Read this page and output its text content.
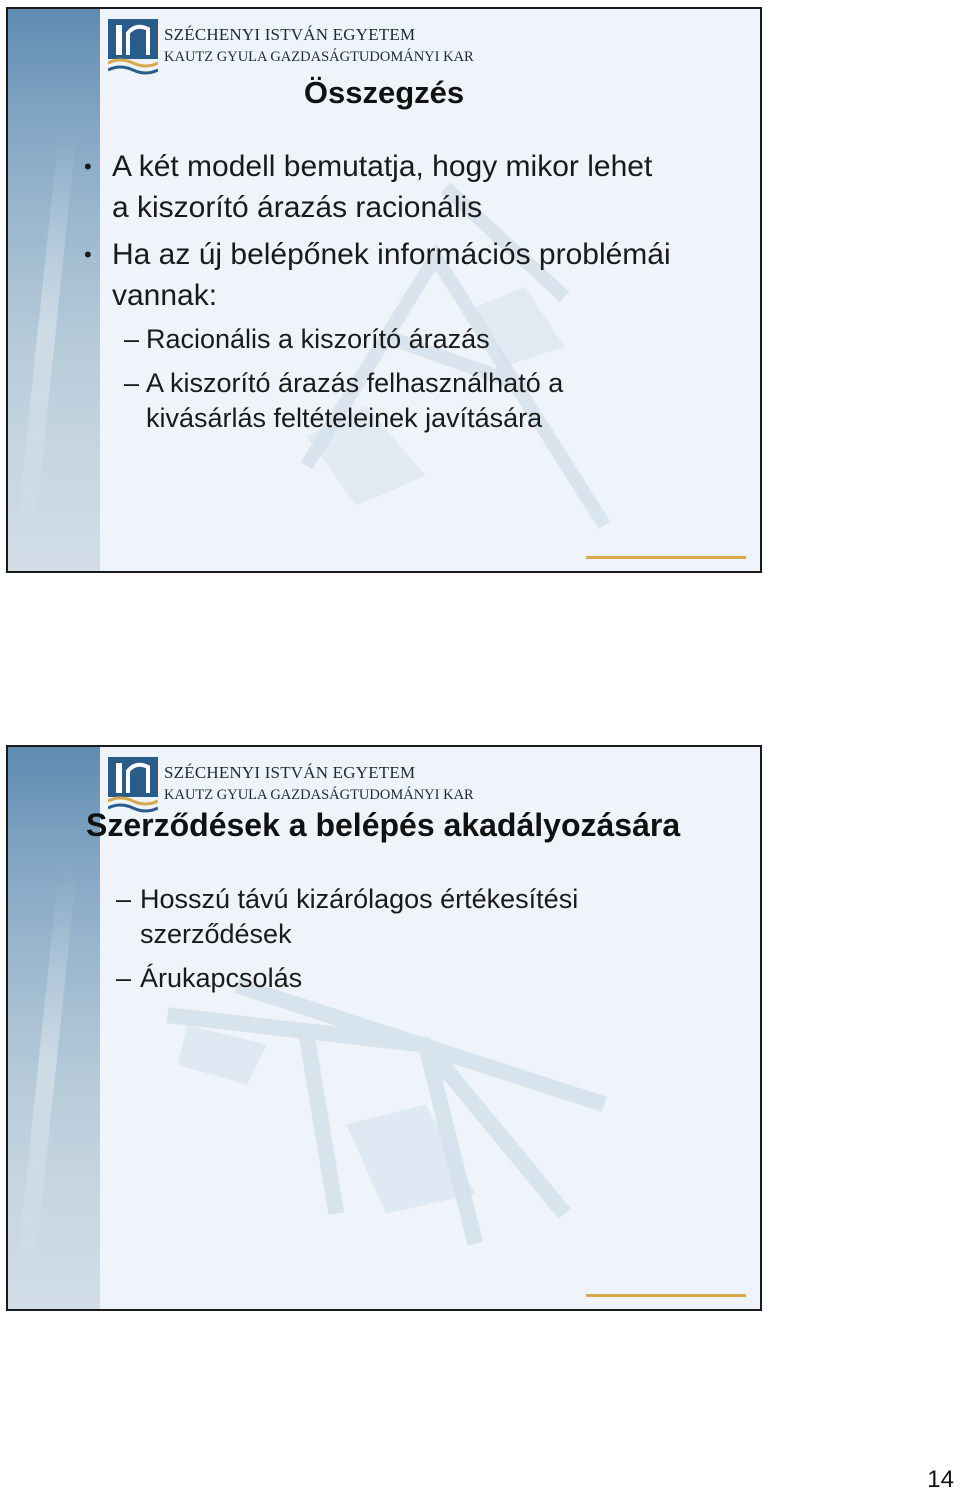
SZÉCHENYI ISTVÁN EGYETEM
KAUTZ GYULA GAZDASÁGTUDOMÁNYI KAR
Összegzés
• A két modell bemutatja, hogy mikor lehet a kiszorító árazás racionális
• Ha az új belépőnek információs problémái vannak:
– Racionális a kiszorító árazás
– A kiszorító árazás felhasználható a kivásárlás feltételeinek javítására
SZÉCHENYI ISTVÁN EGYETEM
KAUTZ GYULA GAZDASÁGTUDOMÁNYI KAR
Szerződések a belépés akadályozására
– Hosszú távú kizárólagos értékesítési szerződések
– Árukapcsolás
14
